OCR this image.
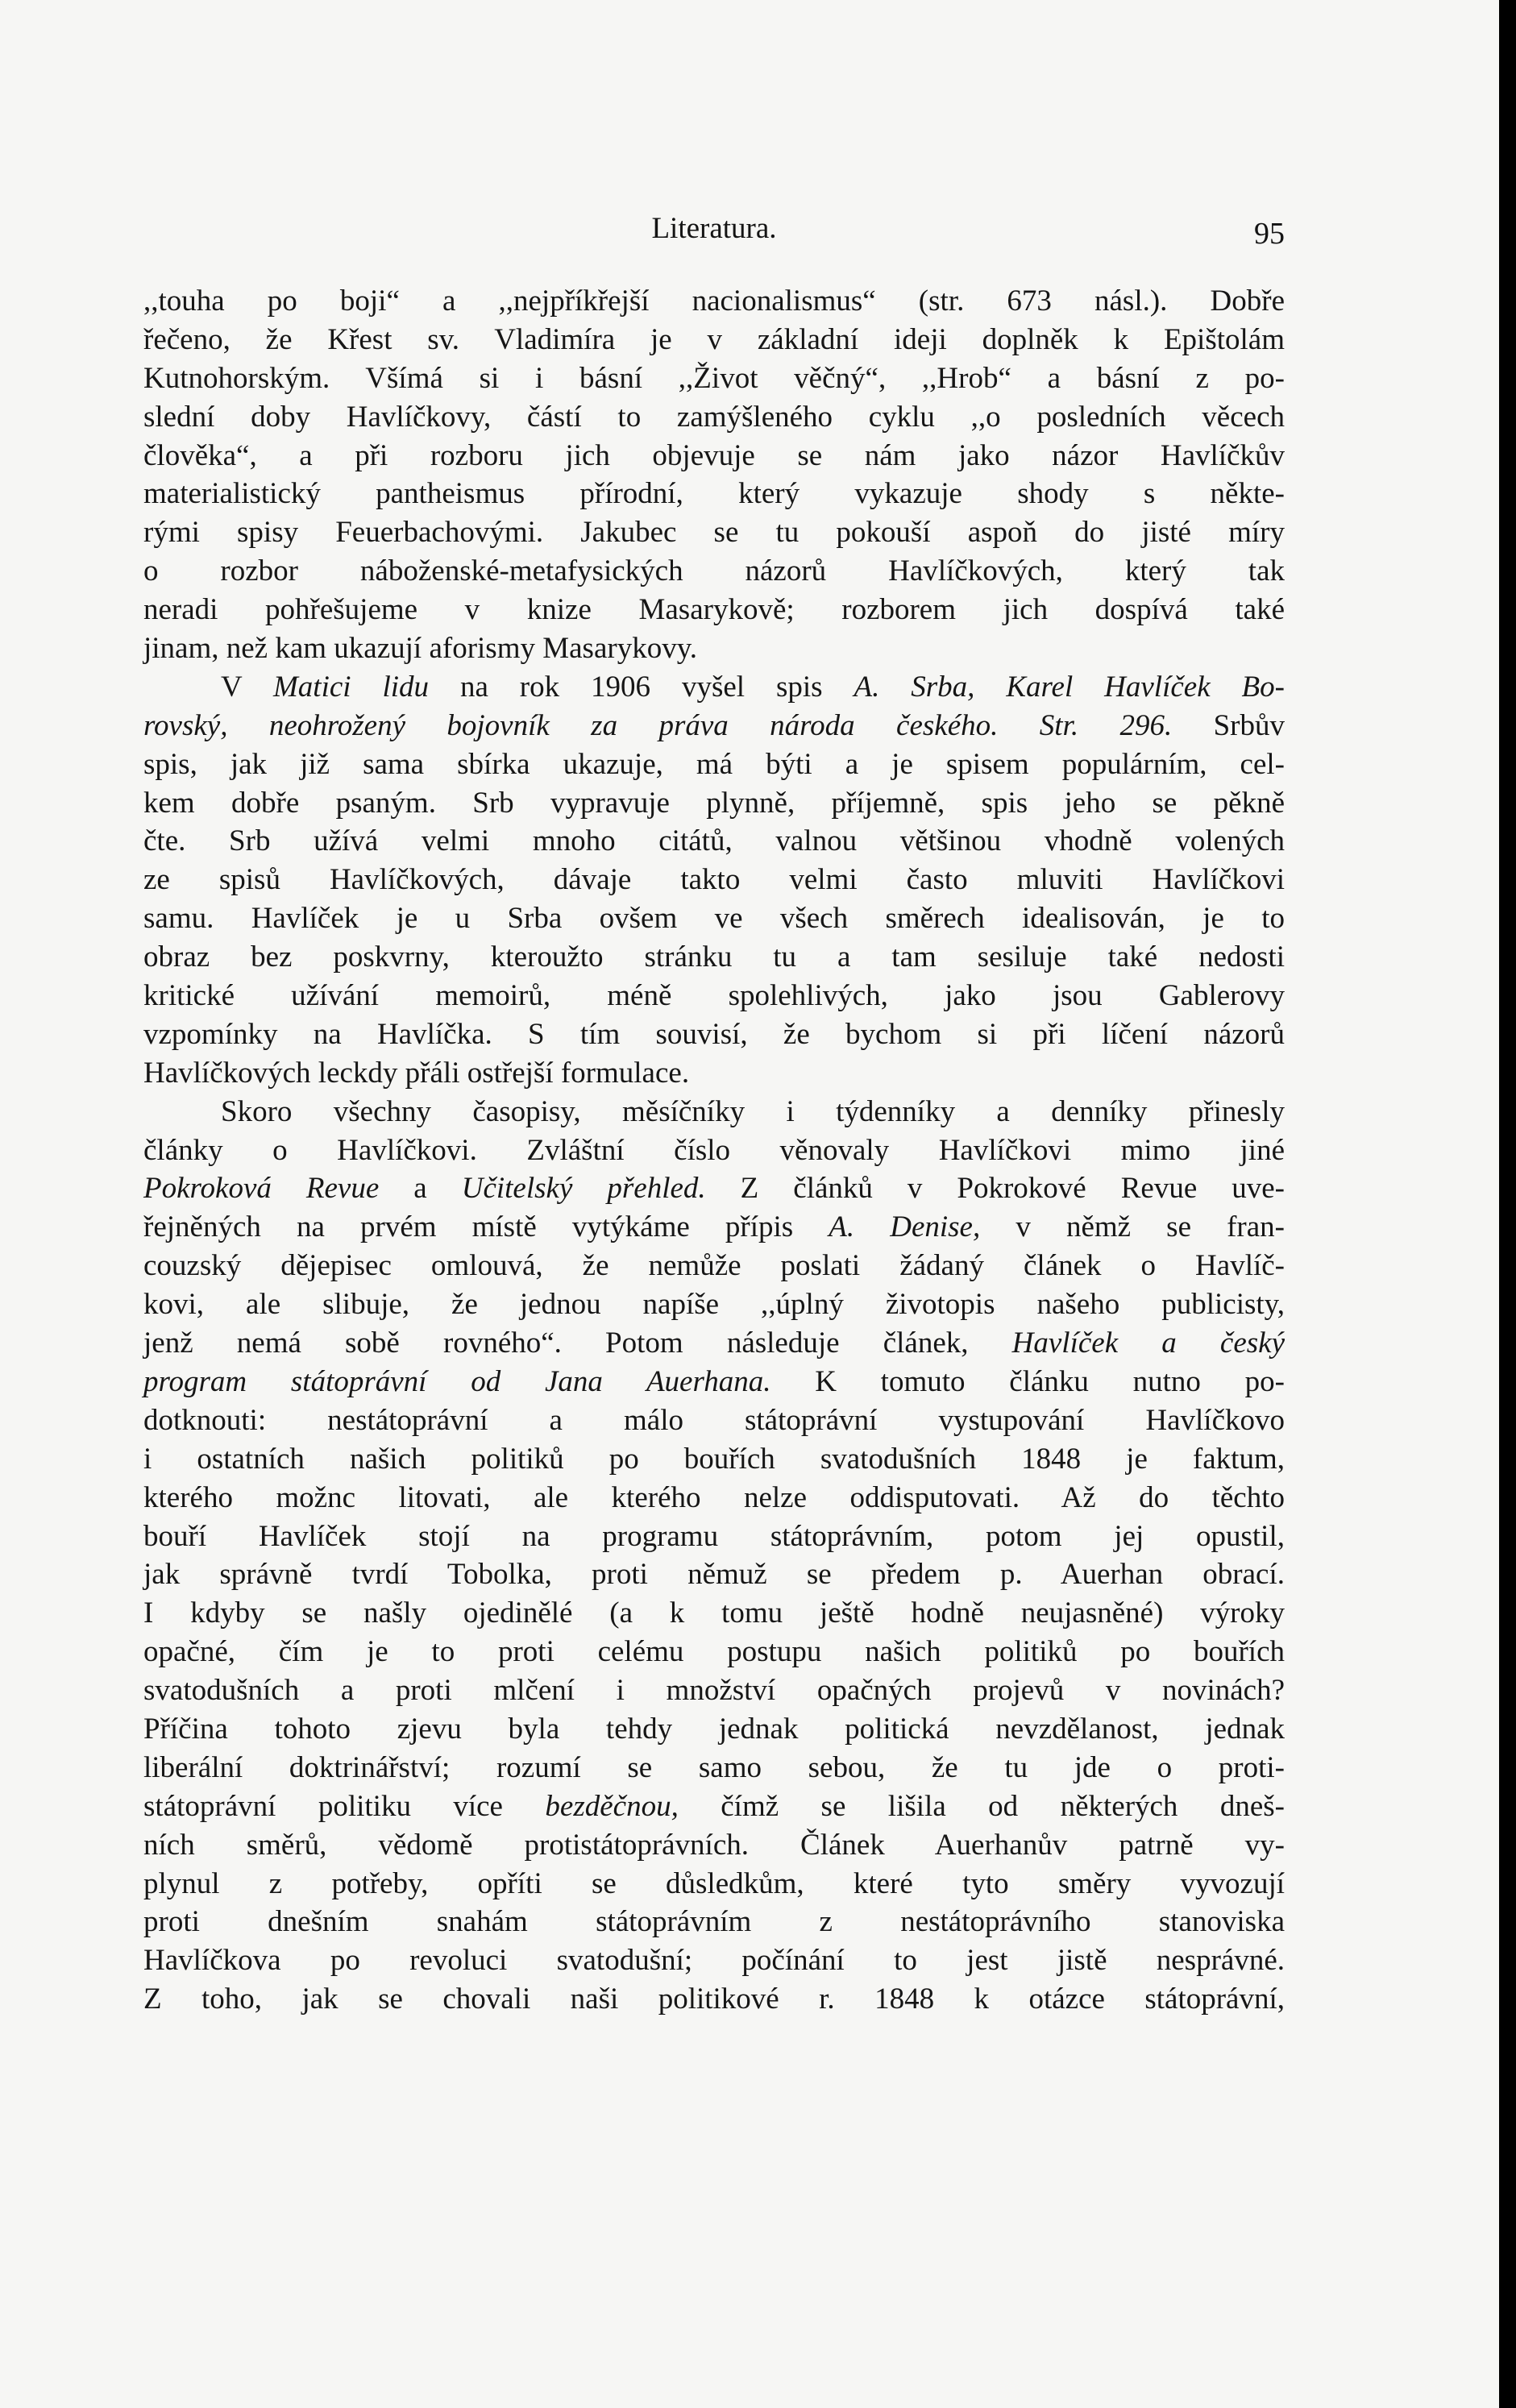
Literatura.	95
,,touha po boji“ a ,,nejpříkřejší nacionalismus“ (str. 673 násl.). Dobře
řečeno, že Křest sv. Vladimíra je v základní ideji doplněk k Epištolám
Kutnohorským. Všímá si i básní ,,Život věčný“, ,,Hrob“ a básní z po-
slední doby Havlíčkovy, částí to zamýšleného cyklu ,,o posledních věcech
člověka“, a při rozboru jich objevuje se nám jako názor Havlíčkův
materialistický pantheismus přírodní, který vykazuje shody s někte-
rými spisy Feuerbachovými. Jakubec se tu pokouší aspoň do jisté míry
o rozbor náboženské-metafysických názorů Havlíčkových, který tak
neradi pohřešujeme v knize Masarykově; rozborem jich dospívá také
jinam, než kam ukazují aforismy Masarykovy.
V Matici lidu na rok 1906 vyšel spis A. Srba, Karel Havlíček Bo-
rovský, neohrožený bojovník za práva národa českého. Str. 296. Srbův
spis, jak již sama sbírka ukazuje, má býti a je spisem populárním, cel-
kem dobře psaným. Srb vypravuje plynně, příjemně, spis jeho se pěkně
čte. Srb užívá velmi mnoho citátů, valnou většinou vhodně volených
ze spisů Havlíčkových, dávaje takto velmi často mluviti Havlíčkovi
samu. Havlíček je u Srba ovšem ve všech směrech idealisován, je to
obraz bez poskvrny, kteroužto stránku tu a tam sesiluje také nedosti
kritické užívání memoirů, méně spolehlivých, jako jsou Gablerovy
vzpomínky na Havlíčka. S tím souvisí, že bychom si při líčení názorů
Havlíčkových leckdy přáli ostřejší formulace.
Skoro všechny časopisy, měsíčníky i týdenníky a denníky přinesly
články o Havlíčkovi. Zvláštní číslo věnovaly Havlíčkovi mimo jiné
Pokroková Revue a Učitelský přehled. Z článků v Pokrokové Revue uve-
řejněných na prvém místě vytýkáme přípis A. Denise, v němž se fran-
couzský dějepisec omlouvá, že nemůže poslati žádaný článek o Havlíč-
kovi, ale slibuje, že jednou napíše ,,úplný životopis našeho publicisty,
jenž nemá sobě rovného“. Potom následuje článek, Havlíček a český
program státoprávní od Jana Auerhana. K tomuto článku nutno po-
dotknouti: nestátoprávní a málo státoprávní vystupování Havlíčkovo
i ostatních našich politiků po bouřích svatodušních 1848 je faktum,
kterého možnc litovati, ale kterého nelze oddisputovati. Až do těchto
bouří Havlíček stojí na programu státoprávním, potom jej opustil,
jak správně tvrdí Tobolka, proti němuž se předem p. Auerhan obrací.
I kdyby se našly ojedinělé (a k tomu ještě hodně neujasněné) výroky
opačné, čím je to proti celému postupu našich politiků po bouřích
svatodušních a proti mlčení i množství opačných projevů v novinách?
Příčina tohoto zjevu byla tehdy jednak politická nevzdělanost, jednak
liberální doktrinářství; rozumí se samo sebou, že tu jde o proti-
státoprávní politiku více bezděčnou, čímž se lišila od některých dneš-
ních směrů, vědomě protistátoprávních. Článek Auerhanův patrně vy-
plynul z potřeby, opříti se důsledkům, které tyto směry vyvozují
proti dnešním snahám státoprávním z nestátoprávního stanoviska
Havlíčkova po revoluci svatodušní; počínání to jest jistě nesprávné.
Z toho, jak se chovali naši politikové r. 1848 k otázce státoprávní,
